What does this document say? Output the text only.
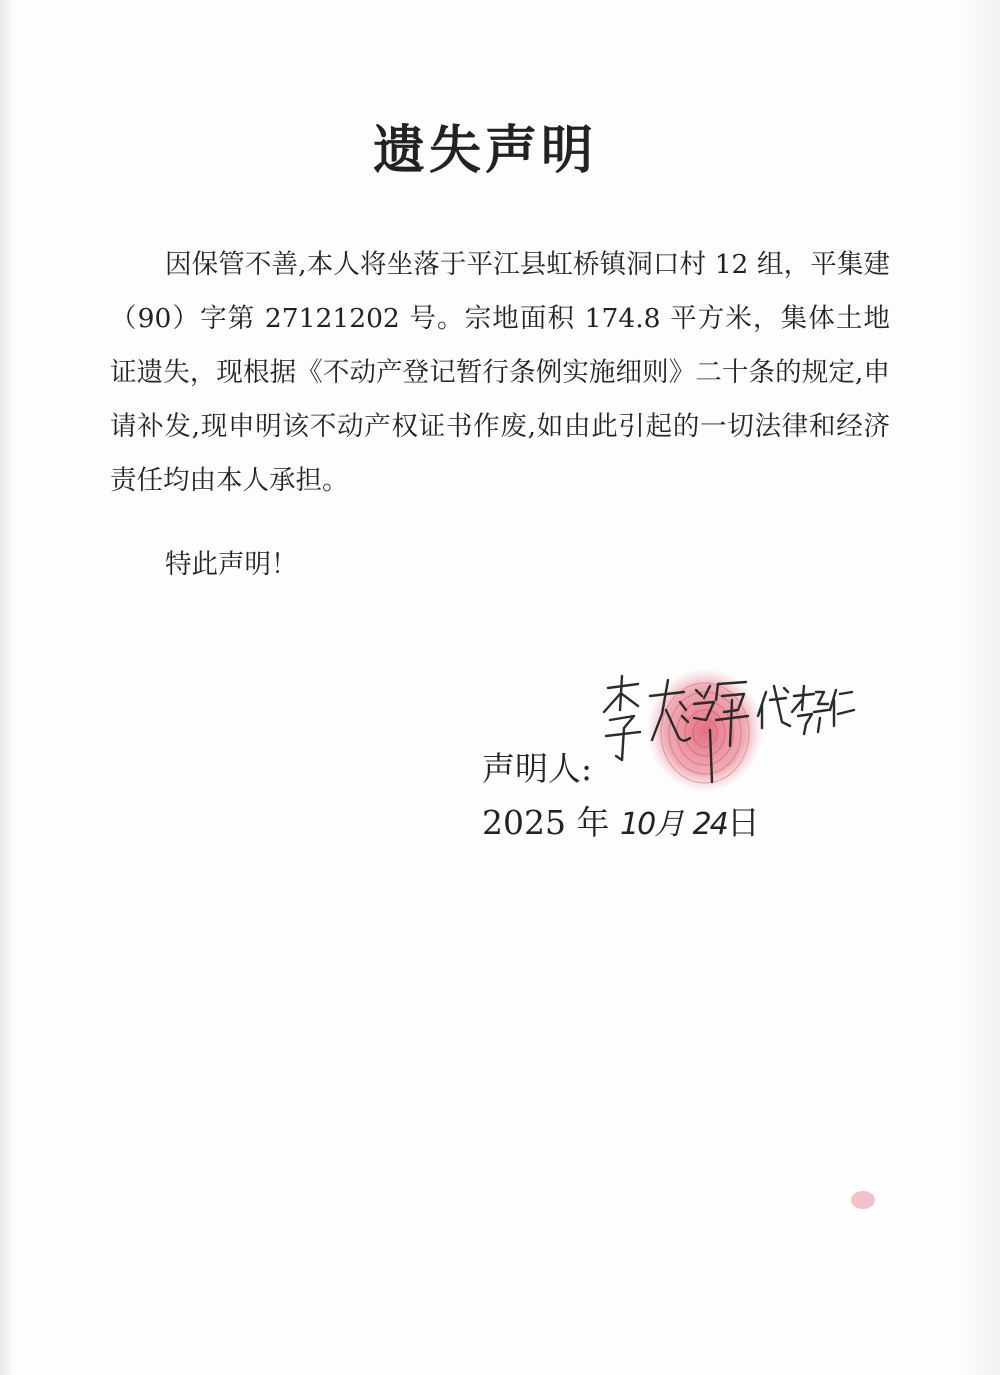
遗失声明
因保管不善,本人将坐落于平江县虹桥镇洞口村 12 组，平集建（90）字第 27121202 号。宗地面积 174.8 平方米，集体土地证遗失，现根据《不动产登记暂行条例实施细则》二十条的规定,申请补发,现申明该不动产权证书作废,如由此引起的一切法律和经济责任均由本人承担。
特此声明！
声明人:
2025 年 10月 24日
